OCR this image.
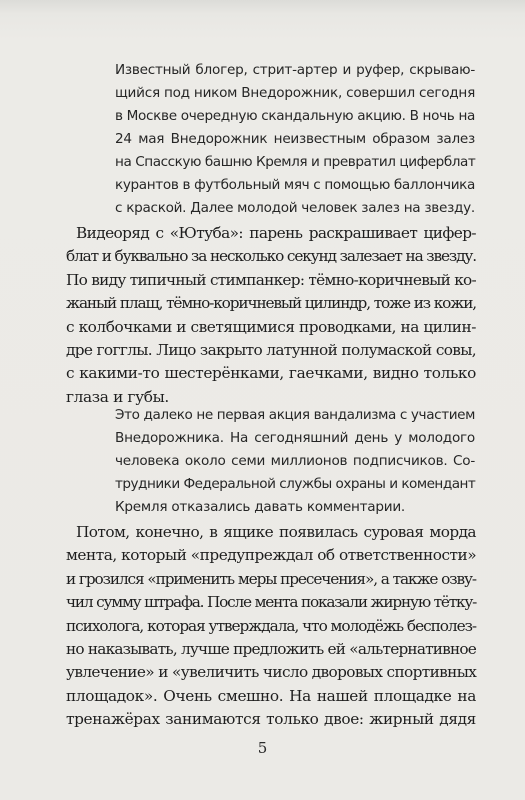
Известный блогер, стрит-артер и руфер, скрываю-
щийся под ником Внедорожник, совершил сегодня
в Москве очередную скандальную акцию. В ночь на
24 мая Внедорожник неизвестным образом залез
на Спасскую башню Кремля и превратил циферблат
курантов в футбольный мяч с помощью баллончика
с краской. Далее молодой человек залез на звезду.
Видеоряд с «Ютуба»: парень раскрашивает цифер-
блат и буквально за несколько секунд залезает на звезду.
По виду типичный стимпанкер: тёмно-коричневый ко-
жаный плащ, тёмно-коричневый цилиндр, тоже из кожи,
с колбочками и светящимися проводками, на цилин-
дре гогглы. Лицо закрыто латунной полумаской совы,
с какими-то шестерёнками, гаечками, видно только
глаза и губы.
Это далеко не первая акция вандализма с участием
Внедорожника. На сегодняшний день у молодого
человека около семи миллионов подписчиков. Со-
трудники Федеральной службы охраны и комендант
Кремля отказались давать комментарии.
Потом, конечно, в ящике появилась суровая морда
мента, который «предупреждал об ответственности»
и грозился «применить меры пресечения», а также озву-
чил сумму штрафа. После мента показали жирную тётку-
психолога, которая утверждала, что молодёжь бесполез-
но наказывать, лучше предложить ей «альтернативное
увлечение» и «увеличить число дворовых спортивных
площадок». Очень смешно. На нашей площадке на
тренажёрах занимаются только двое: жирный дядя
5
